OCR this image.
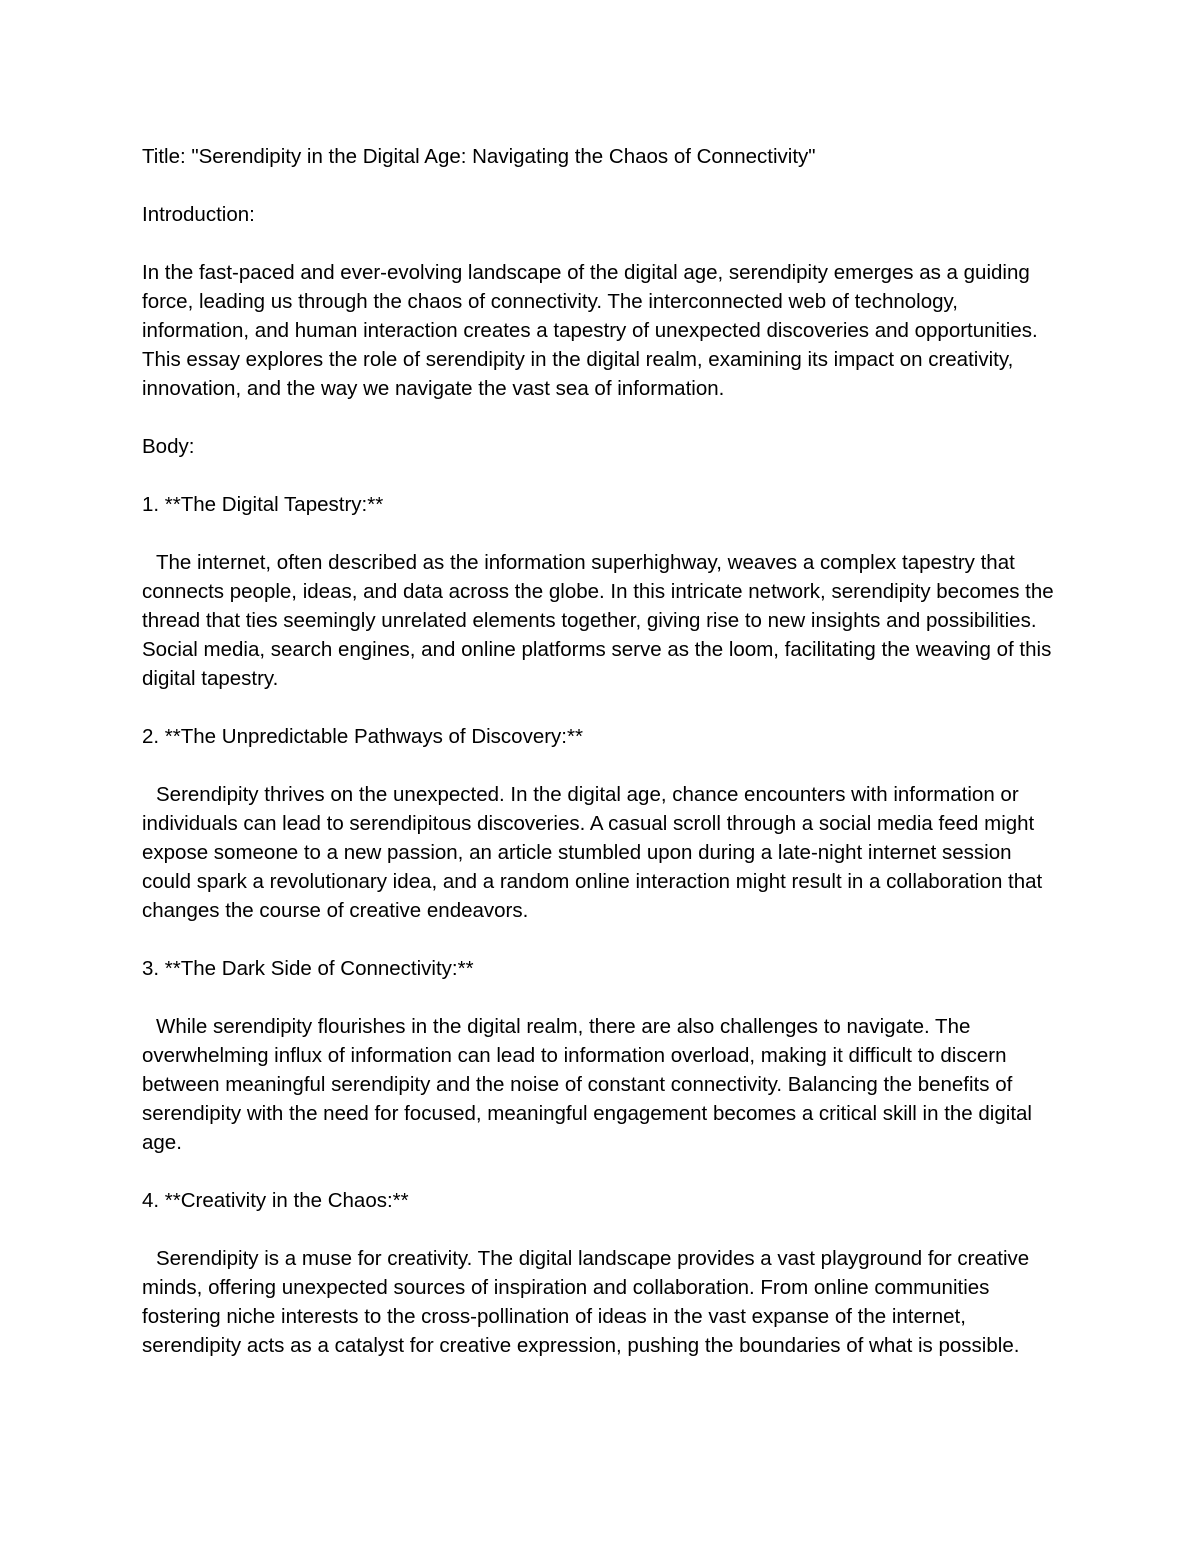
Title: "Serendipity in the Digital Age: Navigating the Chaos of Connectivity"

Introduction:

In the fast-paced and ever-evolving landscape of the digital age, serendipity emerges as a guiding force, leading us through the chaos of connectivity. The interconnected web of technology, information, and human interaction creates a tapestry of unexpected discoveries and opportunities. This essay explores the role of serendipity in the digital realm, examining its impact on creativity, innovation, and the way we navigate the vast sea of information.

Body:

1. **The Digital Tapestry:**

The internet, often described as the information superhighway, weaves a complex tapestry that connects people, ideas, and data across the globe. In this intricate network, serendipity becomes the thread that ties seemingly unrelated elements together, giving rise to new insights and possibilities. Social media, search engines, and online platforms serve as the loom, facilitating the weaving of this digital tapestry.

2. **The Unpredictable Pathways of Discovery:**

Serendipity thrives on the unexpected. In the digital age, chance encounters with information or individuals can lead to serendipitous discoveries. A casual scroll through a social media feed might expose someone to a new passion, an article stumbled upon during a late-night internet session could spark a revolutionary idea, and a random online interaction might result in a collaboration that changes the course of creative endeavors.

3. **The Dark Side of Connectivity:**

While serendipity flourishes in the digital realm, there are also challenges to navigate. The overwhelming influx of information can lead to information overload, making it difficult to discern between meaningful serendipity and the noise of constant connectivity. Balancing the benefits of serendipity with the need for focused, meaningful engagement becomes a critical skill in the digital age.

4. **Creativity in the Chaos:**

Serendipity is a muse for creativity. The digital landscape provides a vast playground for creative minds, offering unexpected sources of inspiration and collaboration. From online communities fostering niche interests to the cross-pollination of ideas in the vast expanse of the internet, serendipity acts as a catalyst for creative expression, pushing the boundaries of what is possible.
